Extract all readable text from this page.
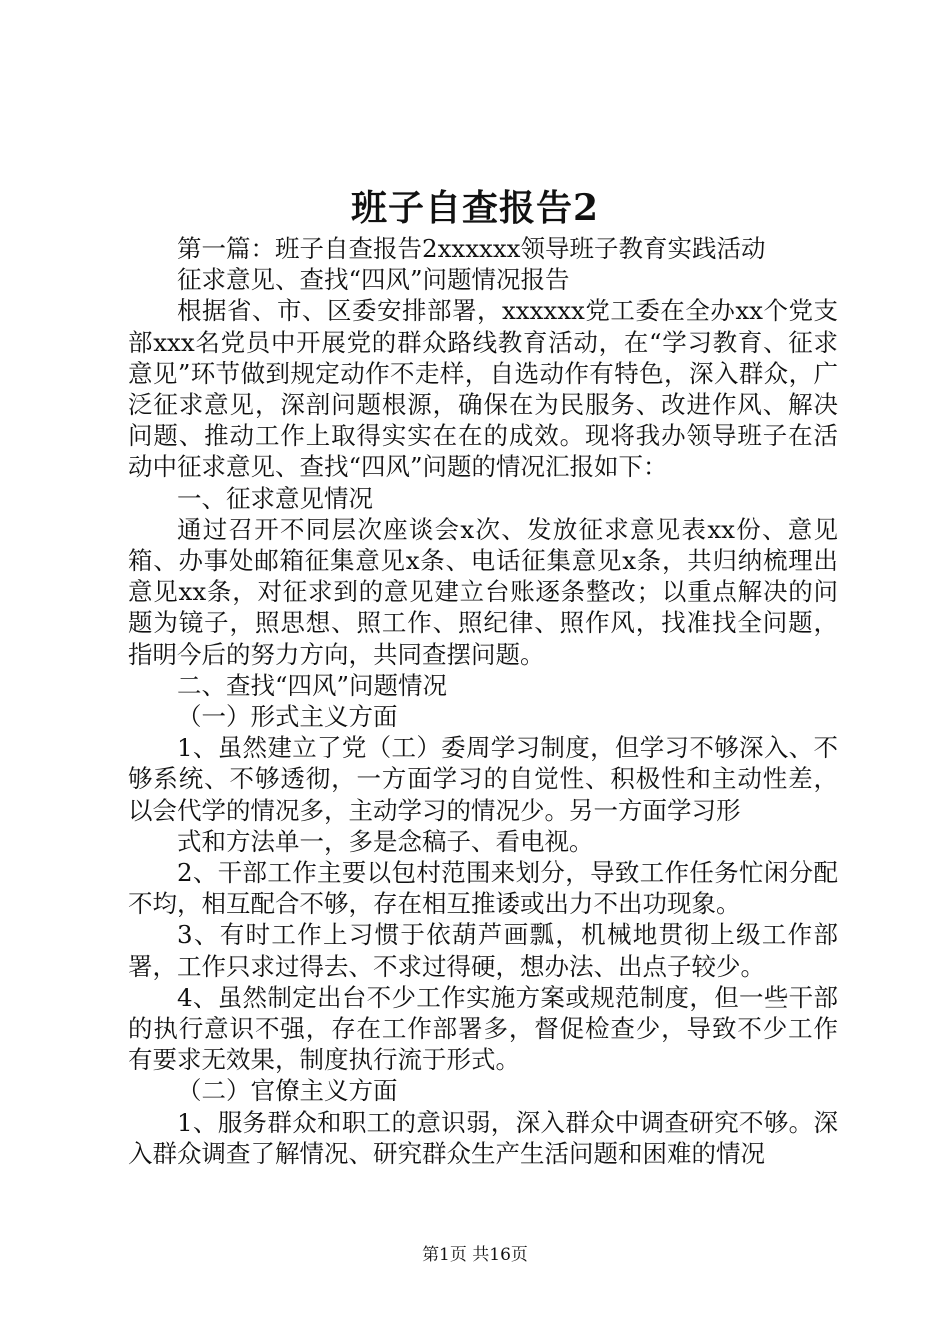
班子自查报告2

第一篇：班子自查报告2xxxxxx领导班子教育实践活动

征求意见、查找“四风”问题情况报告

根据省、市、区委安排部署，xxxxxx党工委在全办xx个党支部xxx名党员中开展党的群众路线教育活动，在“学习教育、征求意见”环节做到规定动作不走样，自选动作有特色，深入群众，广泛征求意见，深剖问题根源，确保在为民服务、改进作风、解决问题、推动工作上取得实实在在的成效。现将我办领导班子在活动中征求意见、查找“四风”问题的情况汇报如下：

一、征求意见情况

通过召开不同层次座谈会x次、发放征求意见表xx份、意见箱、办事处邮箱征集意见x条、电话征集意见x条，共归纳梳理出意见xx条，对征求到的意见建立台账逐条整改；以重点解决的问题为镜子，照思想、照工作、照纪律、照作风，找准找全问题，指明今后的努力方向，共同查摆问题。

二、查找“四风”问题情况

（一）形式主义方面

1、虽然建立了党（工）委周学习制度，但学习不够深入、不够系统、不够透彻，一方面学习的自觉性、积极性和主动性差，以会代学的情况多，主动学习的情况少。另一方面学习形

式和方法单一，多是念稿子、看电视。

2、干部工作主要以包村范围来划分，导致工作任务忙闲分配不均，相互配合不够，存在相互推诿或出力不出功现象。

3、有时工作上习惯于依葫芦画瓢，机械地贯彻上级工作部署，工作只求过得去、不求过得硬，想办法、出点子较少。

4、虽然制定出台不少工作实施方案或规范制度，但一些干部的执行意识不强，存在工作部署多，督促检查少，导致不少工作有要求无效果，制度执行流于形式。

（二）官僚主义方面

1、服务群众和职工的意识弱，深入群众中调查研究不够。深入群众调查了解情况、研究群众生产生活问题和困难的情况

第1页 共16页
